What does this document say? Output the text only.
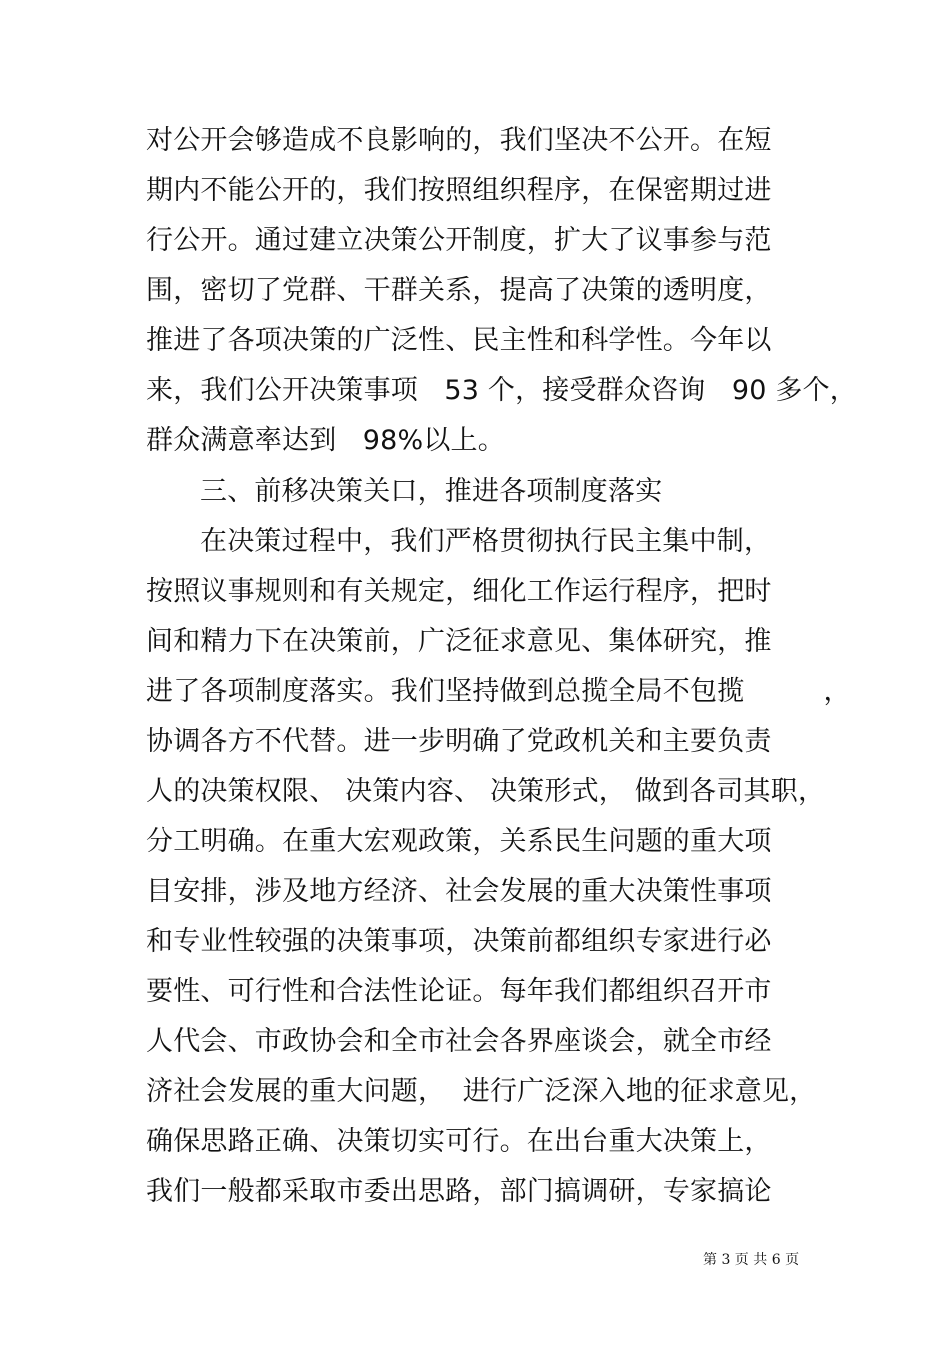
对公开会够造成不良影响的，我们坚决不公开。在短
期内不能公开的，我们按照组织程序，在保密期过进
行公开。通过建立决策公开制度，扩大了议事参与范
围，密切了党群、干群关系，提高了决策的透明度，
推进了各项决策的广泛性、民主性和科学性。今年以
来，我们公开决策事项   53 个，接受群众咨询   90 多个，
群众满意率达到   98%以上。
三、前移决策关口，推进各项制度落实
在决策过程中，我们严格贯彻执行民主集中制，
按照议事规则和有关规定，细化工作运行程序，把时
间和精力下在决策前，广泛征求意见、集体研究，推
进了各项制度落实。我们坚持做到总揽全局不包揽         ，
协调各方不代替。进一步明确了党政机关和主要负责
人的决策权限、 决策内容、 决策形式， 做到各司其职，
分工明确。在重大宏观政策，关系民生问题的重大项
目安排，涉及地方经济、社会发展的重大决策性事项
和专业性较强的决策事项，决策前都组织专家进行必
要性、可行性和合法性论证。每年我们都组织召开市
人代会、市政协会和全市社会各界座谈会，就全市经
济社会发展的重大问题，  进行广泛深入地的征求意见，
确保思路正确、决策切实可行。在出台重大决策上，
我们一般都采取市委出思路，部门搞调研，专家搞论
第 3 页 共 6 页
